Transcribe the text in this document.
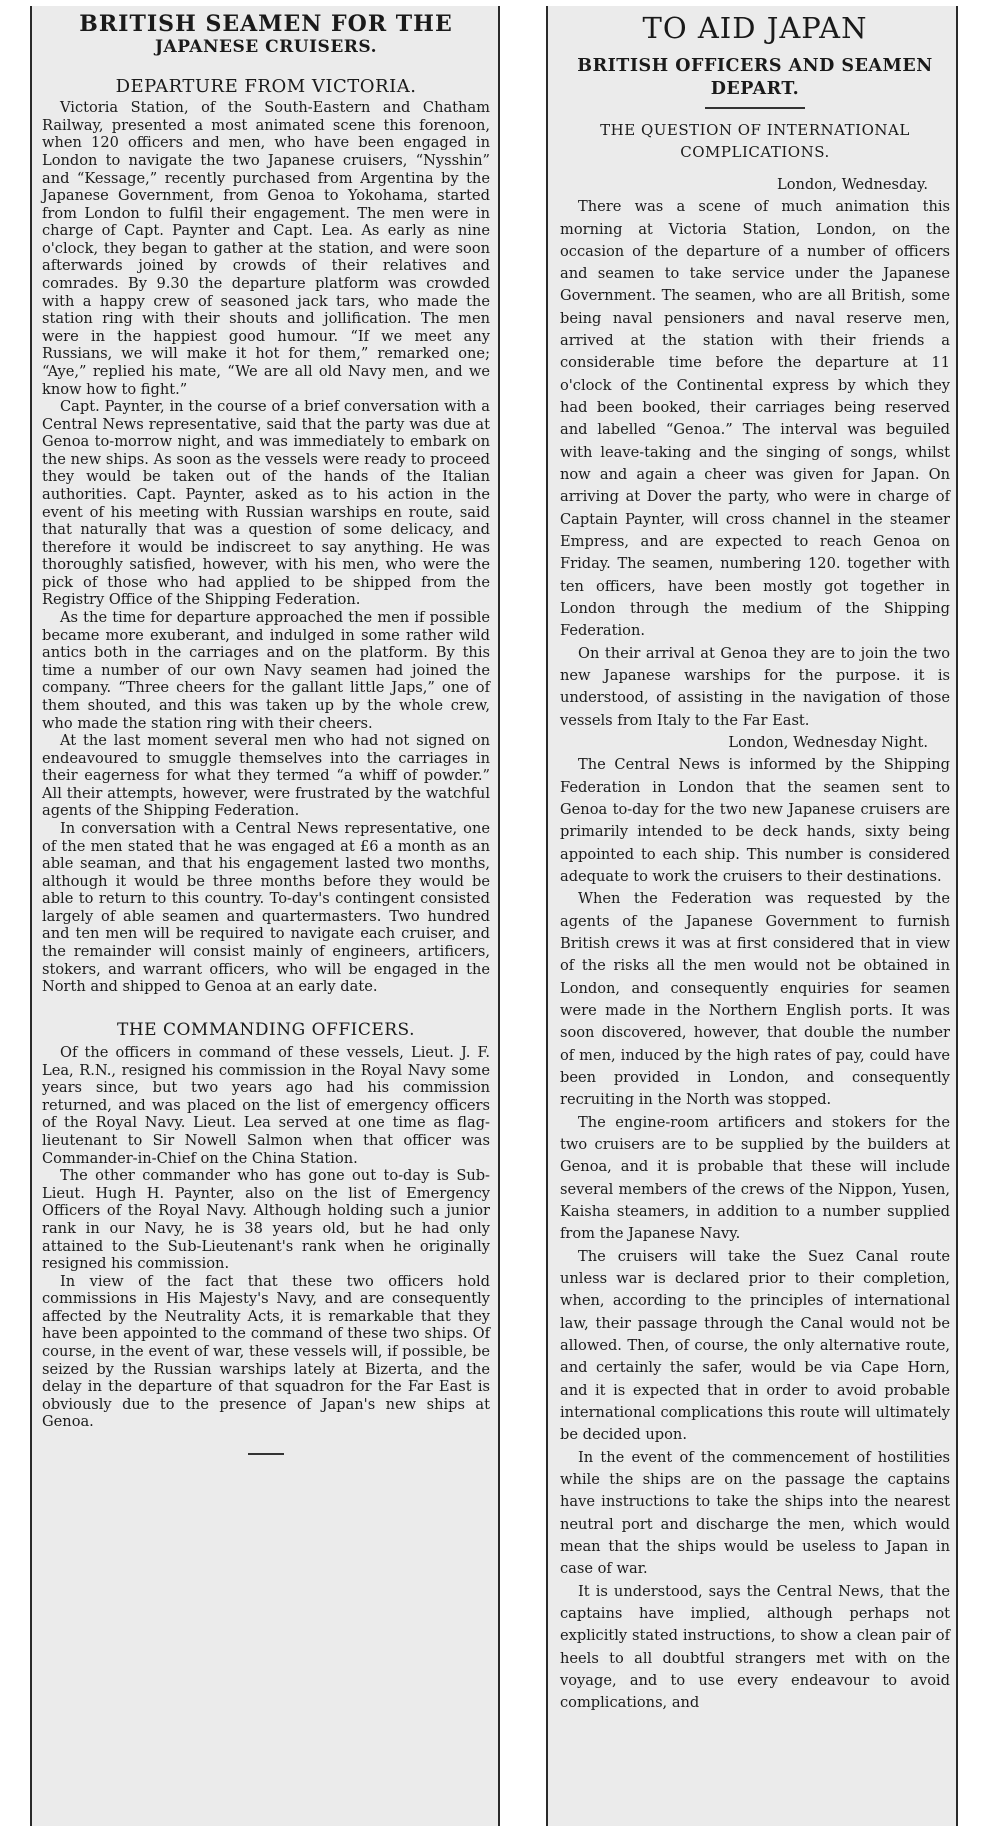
BRITISH SEAMEN FOR THE
JAPANESE CRUISERS.
DEPARTURE FROM VICTORIA.

Victoria Station, of the South-Eastern and Chatham Railway, presented a most animated scene this forenoon, when 120 officers and men, who have been engaged in London to navigate the two Japanese cruisers, “Nysshin” and “Kessage,” recently purchased from Argentina by the Japanese Government, from Genoa to Yokohama, started from London to fulfil their engagement. The men were in charge of Capt. Paynter and Capt. Lea. As early as nine o'clock, they began to gather at the station, and were soon afterwards joined by crowds of their relatives and comrades. By 9.30 the departure platform was crowded with a happy crew of seasoned jack tars, who made the station ring with their shouts and jollification. The men were in the happiest good humour. “If we meet any Russians, we will make it hot for them,” remarked one; “Aye,” replied his mate, “We are all old Navy men, and we know how to fight.”

Capt. Paynter, in the course of a brief conversation with a Central News representative, said that the party was due at Genoa to-morrow night, and was immediately to embark on the new ships. As soon as the vessels were ready to proceed they would be taken out of the hands of the Italian authorities. Capt. Paynter, asked as to his action in the event of his meeting with Russian warships en route, said that naturally that was a question of some delicacy, and therefore it would be indiscreet to say anything. He was thoroughly satisfied, however, with his men, who were the pick of those who had applied to be shipped from the Registry Office of the Shipping Federation.

As the time for departure approached the men if possible became more exuberant, and indulged in some rather wild antics both in the carriages and on the platform. By this time a number of our own Navy seamen had joined the company. “Three cheers for the gallant little Japs,” one of them shouted, and this was taken up by the whole crew, who made the station ring with their cheers.

At the last moment several men who had not signed on endeavoured to smuggle themselves into the carriages in their eagerness for what they termed “a whiff of powder.” All their attempts, however, were frustrated by the watchful agents of the Shipping Federation.

In conversation with a Central News representative, one of the men stated that he was engaged at £6 a month as an able seaman, and that his engagement lasted two months, although it would be three months before they would be able to return to this country. To-day's contingent consisted largely of able seamen and quartermasters. Two hundred and ten men will be required to navigate each cruiser, and the remainder will consist mainly of engineers, artificers, stokers, and warrant officers, who will be engaged in the North and shipped to Genoa at an early date.

THE COMMANDING OFFICERS.

Of the officers in command of these vessels, Lieut. J. F. Lea, R.N., resigned his commission in the Royal Navy some years since, but two years ago had his commission returned, and was placed on the list of emergency officers of the Royal Navy. Lieut. Lea served at one time as flag-lieutenant to Sir Nowell Salmon when that officer was Commander-in-Chief on the China Station.

The other commander who has gone out to-day is Sub-Lieut. Hugh H. Paynter, also on the list of Emergency Officers of the Royal Navy. Although holding such a junior rank in our Navy, he is 38 years old, but he had only attained to the Sub-Lieutenant's rank when he originally resigned his commission.

In view of the fact that these two officers hold commissions in His Majesty's Navy, and are consequently affected by the Neutrality Acts, it is remarkable that they have been appointed to the command of these two ships. Of course, in the event of war, these vessels will, if possible, be seized by the Russian warships lately at Bizerta, and the delay in the departure of that squadron for the Far East is obviously due to the presence of Japan's new ships at Genoa.

TO AID JAPAN
BRITISH OFFICERS AND SEAMEN DEPART.
THE QUESTION OF INTERNATIONAL COMPLICATIONS.

London, Wednesday.

There was a scene of much animation this morning at Victoria Station, London, on the occasion of the departure of a number of officers and seamen to take service under the Japanese Government. The seamen, who are all British, some being naval pensioners and naval reserve men, arrived at the station with their friends a considerable time before the departure at 11 o'clock of the Continental express by which they had been booked, their carriages being reserved and labelled “Genoa.” The interval was beguiled with leave-taking and the singing of songs, whilst now and again a cheer was given for Japan. On arriving at Dover the party, who were in charge of Captain Paynter, will cross channel in the steamer Empress, and are expected to reach Genoa on Friday. The seamen, numbering 120. together with ten officers, have been mostly got together in London through the medium of the Shipping Federation.

On their arrival at Genoa they are to join the two new Japanese warships for the purpose. it is understood, of assisting in the navigation of those vessels from Italy to the Far East.

London, Wednesday Night.

The Central News is informed by the Shipping Federation in London that the seamen sent to Genoa to-day for the two new Japanese cruisers are primarily intended to be deck hands, sixty being appointed to each ship. This number is considered adequate to work the cruisers to their destinations.

When the Federation was requested by the agents of the Japanese Government to furnish British crews it was at first considered that in view of the risks all the men would not be obtained in London, and consequently enquiries for seamen were made in the Northern English ports. It was soon discovered, however, that double the number of men, induced by the high rates of pay, could have been provided in London, and consequently recruiting in the North was stopped.

The engine-room artificers and stokers for the two cruisers are to be supplied by the builders at Genoa, and it is probable that these will include several members of the crews of the Nippon, Yusen, Kaisha steamers, in addition to a number supplied from the Japanese Navy.

The cruisers will take the Suez Canal route unless war is declared prior to their completion, when, according to the principles of international law, their passage through the Canal would not be allowed. Then, of course, the only alternative route, and certainly the safer, would be via Cape Horn, and it is expected that in order to avoid probable international complications this route will ultimately be decided upon.

In the event of the commencement of hostilities while the ships are on the passage the captains have instructions to take the ships into the nearest neutral port and discharge the men, which would mean that the ships would be useless to Japan in case of war.

It is understood, says the Central News, that the captains have implied, although perhaps not explicitly stated instructions, to show a clean pair of heels to all doubtful strangers met with on the voyage, and to use every endeavour to avoid complications, and
